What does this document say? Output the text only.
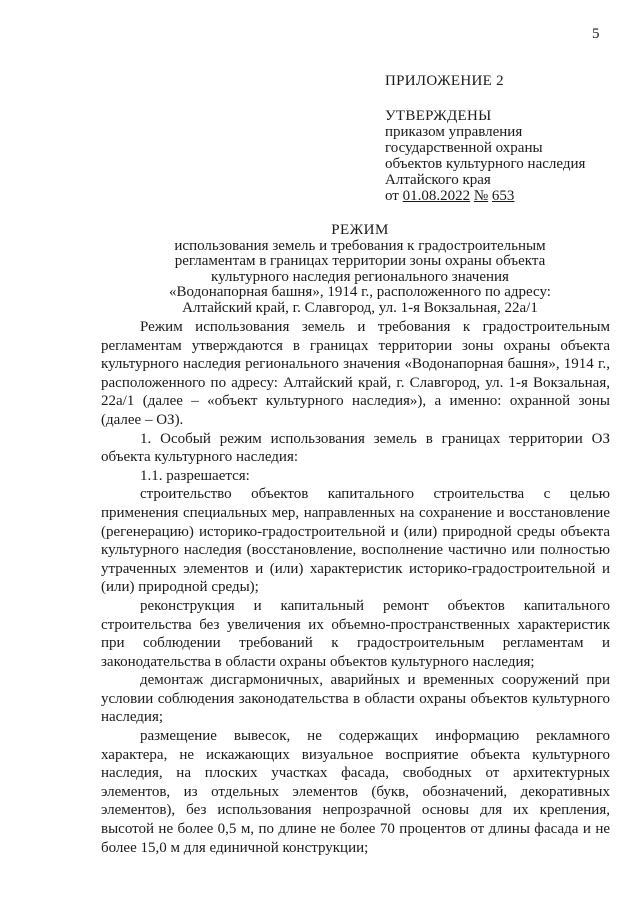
5
ПРИЛОЖЕНИЕ 2
УТВЕРЖДЕНЫ
приказом управления
государственной охраны
объектов культурного наследия
Алтайского края
от 01.08.2022 № 653
РЕЖИМ
использования земель и требования к градостроительным
регламентам в границах территории зоны охраны объекта
культурного наследия регионального значения
«Водонапорная башня», 1914 г., расположенного по адресу:
Алтайский край, г. Славгород, ул. 1-я Вокзальная, 22а/1

Режим использования земель и требования к градостроительным регламентам утверждаются в границах территории зоны охраны объекта культурного наследия регионального значения «Водонапорная башня», 1914 г., расположенного по адресу: Алтайский край, г. Славгород, ул. 1-я Вокзальная, 22а/1 (далее – «объект культурного наследия»), а именно: охранной зоны (далее – ОЗ).

1. Особый режим использования земель в границах территории ОЗ объекта культурного наследия:

1.1. разрешается:

строительство объектов капитального строительства с целью применения специальных мер, направленных на сохранение и восстановление (регенерацию) историко-градостроительной и (или) природной среды объекта культурного наследия (восстановление, восполнение частично или полностью утраченных элементов и (или) характеристик историко-градостроительной и (или) природной среды);

реконструкция и капитальный ремонт объектов капитального строительства без увеличения их объемно-пространственных характеристик при соблюдении требований к градостроительным регламентам и законодательства в области охраны объектов культурного наследия;

демонтаж дисгармоничных, аварийных и временных сооружений при условии соблюдения законодательства в области охраны объектов культурного наследия;

размещение вывесок, не содержащих информацию рекламного характера, не искажающих визуальное восприятие объекта культурного наследия, на плоских участках фасада, свободных от архитектурных элементов, из отдельных элементов (букв, обозначений, декоративных элементов), без использования непрозрачной основы для их крепления, высотой не более 0,5 м, по длине не более 70 процентов от длины фасада и не более 15,0 м для единичной конструкции;
